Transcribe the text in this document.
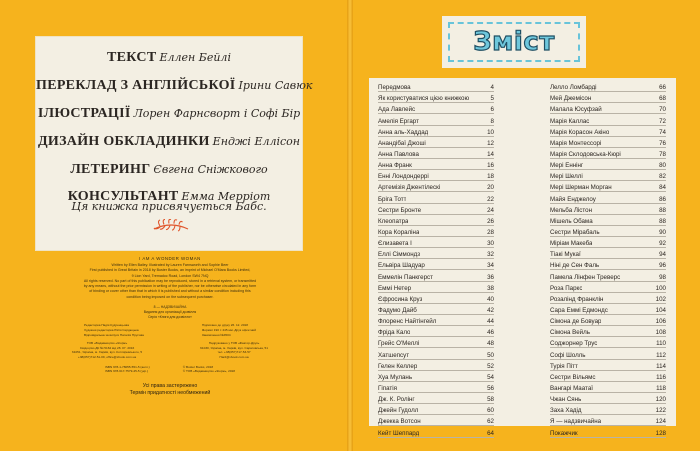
ТЕКСТ Еллен Бейлі
ПЕРЕКЛАД З АНГЛІЙСЬКОЇ Ірини Савюк
ІЛЮСТРАЦІЇ Лорен Фарнсворт і Софі Бір
ДИЗАЙН ОБКЛАДИНКИ Енджі Еллісон
ЛЕТЕРИНГ Євгена Сніжкового
КОНСУЛЬТАНТ Емма Мерріот
Ця книжка присвячується Бабс.
I AM A WONDER WOMAN
Written by Ellen Bailey. Illustrated by Lauren Farnsworth and Sophie Beer
First published in Great Britain in 2018 by Buster Books, an imprint of Michael O'Mara Books Limited,
9 Lion Yard, Tremadoc Road, London SW4 7NQ
All rights reserved. No part of this publication may be reproduced, stored in a retrieval system, or transmitted
by any means, without the prior permission in writing of the publisher, nor be otherwise circulated in any form
of binding or cover other than that in which it is published and without a similar condition including this
condition being imposed on the subsequent purchaser.
8 — НАДЗВИЧАЙНА
Видання для організації дозвілля
Серія «Книги для дозвілля»
Редакторка Надія Кудренцьова
Художня редакторка Юлія Сердюцька
Відповідальна за випуск Наталія Прусова
Підписано до друку 26. 12. 2018
Формат 190 × 245 мм. Друк офсетний
Замовлення №4504
ТОВ «Видавництво «Жорж»
Свідоцтво ДК № 5162 від 28. 07. 2016
61051, Україна, м. Харків, вул. Котляревського, 5
+38(057)712-51-09, office@xbook.com.ua
Надруковано у ТОВ «Фактор-Друк»
61030, Україна, м. Харків, вул. Саратовська, 51
тел. +38(057)717-53-57
Hard@xbook.com.ua
ISBN 978-1-78055-551-5 (англ.)
ISBN 978-617-7579-45-5 (укр.)
© Buster Books, 2018
© ТОВ «Видавництво «Жорж», 2018
Усі права застережено
Термін придатності необмежений
Зміст
Передмова	4
Як користуватися цією книжкою	5
Ада Лавлейс	6
Амелія Ергарт	8
Анна аль-Хаддад	10
Анандібаї Джоші	12
Анна Павлова	14
Анна Франк	16
Енні Лондондеррі	18
Артемізія Джентілескі	20
Бріга Тотт	22
Сестри Бронте	24
Клеопатра	26
Кора Кораліна	28
Єлизавета І	30
Еллі Сіммондз	32
Ельвіра Шадуар	34
Еммелін Панкгерст	36
Еммі Нетер	38
Єфросина Круз	40
Фадумо Дайб	42
Флоренс Найтінгейл	44
Фріда Кало	46
Грейс О'Меллі	48
Хатшепсут	50
Гелен Келлер	52
Хуа Мулань	54
Гіпатія	56
Дж. К. Ролінг	58
Джейн Гудолл	60
Джекка Вотсон	62
Кейт Шеппард	64
Лелло Ломбарді	66
Мей Джемісон	68
Малала Юсуфзай	70
Марія Каллас	72
Марія Корасон Акіно	74
Марія Монтессорі	76
Марія Склодовська-Кюрі	78
Мері Еннінг	80
Мері Шеллі	82
Мері Шерман Морган	84
Майя Енджелоу	86
Мельба Лістон	88
Мішель Обама	88
Сестри Мірабаль	90
Міріам Макеба	92
Тіакі Мукаї	94
Ніні де Сен Фаль	96
Памела Лінфен Треверс	98
Роза Паркс	100
Розалінд Франклін	102
Сара Еммі Едмондс	104
Сімона де Бовуар	106
Сімона Вейль	108
Соджорнер Трус	110
Софі Шолль	112
Турія Пітт	114
Сестри Вільямс	116
Вангарі Маатаї	118
Чжан Сянь	120
Заха Хадід	122
Я — надзвичайна	124
Покажчик	128
